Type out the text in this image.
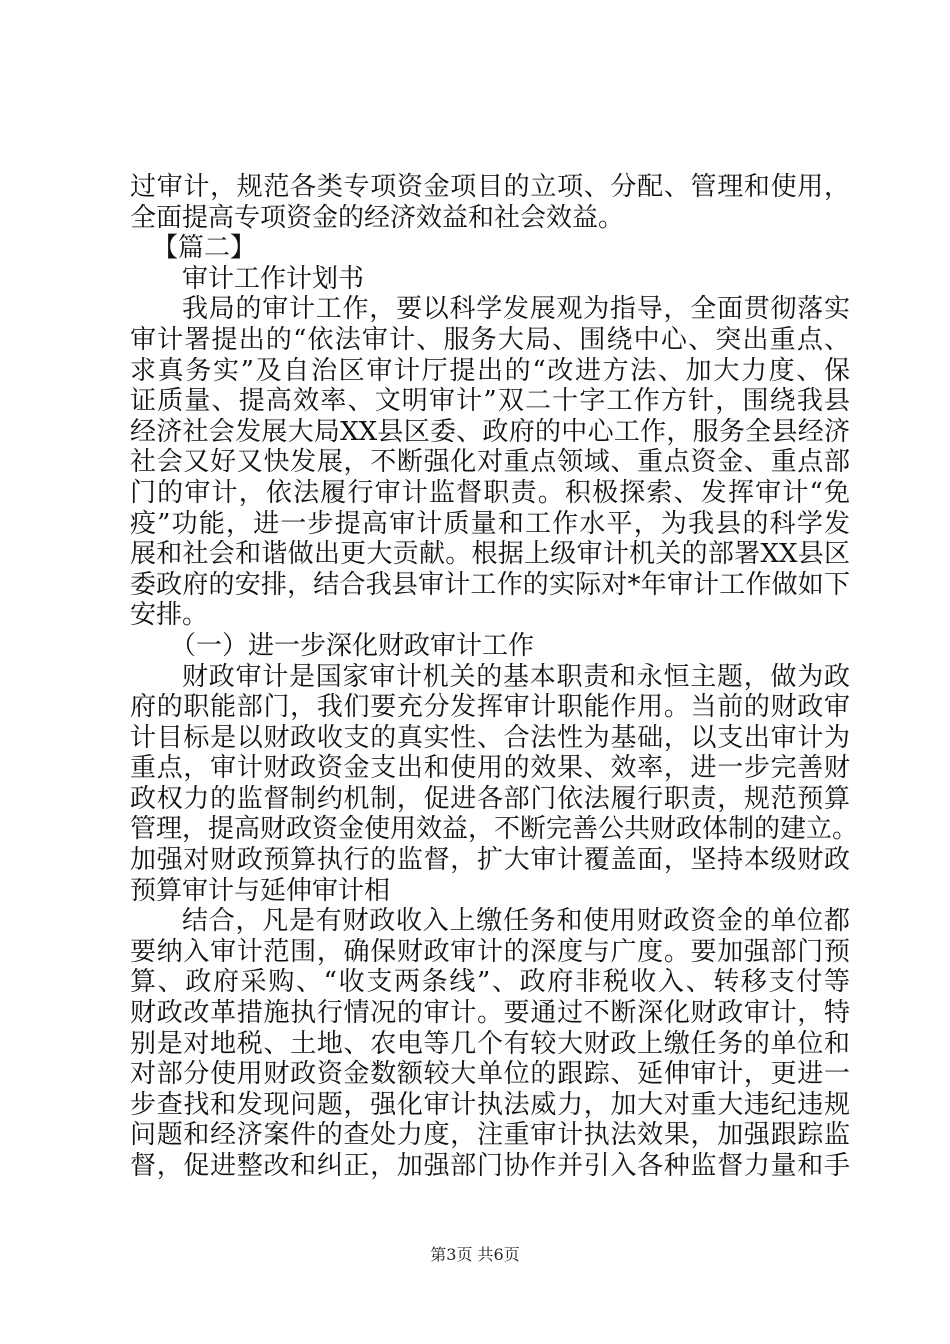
过审计，规范各类专项资金项目的立项、分配、管理和使用，
全面提高专项资金的经济效益和社会效益。
【篇二】
审计工作计划书
我局的审计工作，要以科学发展观为指导，全面贯彻落实
审计署提出的“依法审计、服务大局、围绕中心、突出重点、
求真务实”及自治区审计厅提出的“改进方法、加大力度、保
证质量、提高效率、文明审计”双二十字工作方针，围绕我县
经济社会发展大局XX县区委、政府的中心工作，服务全县经济
社会又好又快发展，不断强化对重点领域、重点资金、重点部
门的审计，依法履行审计监督职责。积极探索、发挥审计“免
疫”功能，进一步提高审计质量和工作水平，为我县的科学发
展和社会和谐做出更大贡献。根据上级审计机关的部署XX县区
委政府的安排，结合我县审计工作的实际对*年审计工作做如下
安排。
（一）进一步深化财政审计工作
财政审计是国家审计机关的基本职责和永恒主题，做为政
府的职能部门，我们要充分发挥审计职能作用。当前的财政审
计目标是以财政收支的真实性、合法性为基础，以支出审计为
重点，审计财政资金支出和使用的效果、效率，进一步完善财
政权力的监督制约机制，促进各部门依法履行职责，规范预算
管理，提高财政资金使用效益，不断完善公共财政体制的建立。
加强对财政预算执行的监督，扩大审计覆盖面，坚持本级财政
预算审计与延伸审计相
结合，凡是有财政收入上缴任务和使用财政资金的单位都
要纳入审计范围，确保财政审计的深度与广度。要加强部门预
算、政府采购、“收支两条线”、政府非税收入、转移支付等
财政改革措施执行情况的审计。要通过不断深化财政审计，特
别是对地税、土地、农电等几个有较大财政上缴任务的单位和
对部分使用财政资金数额较大单位的跟踪、延伸审计，更进一
步查找和发现问题，强化审计执法威力，加大对重大违纪违规
问题和经济案件的查处力度，注重审计执法效果，加强跟踪监
督，促进整改和纠正，加强部门协作并引入各种监督力量和手
第3页 共6页
